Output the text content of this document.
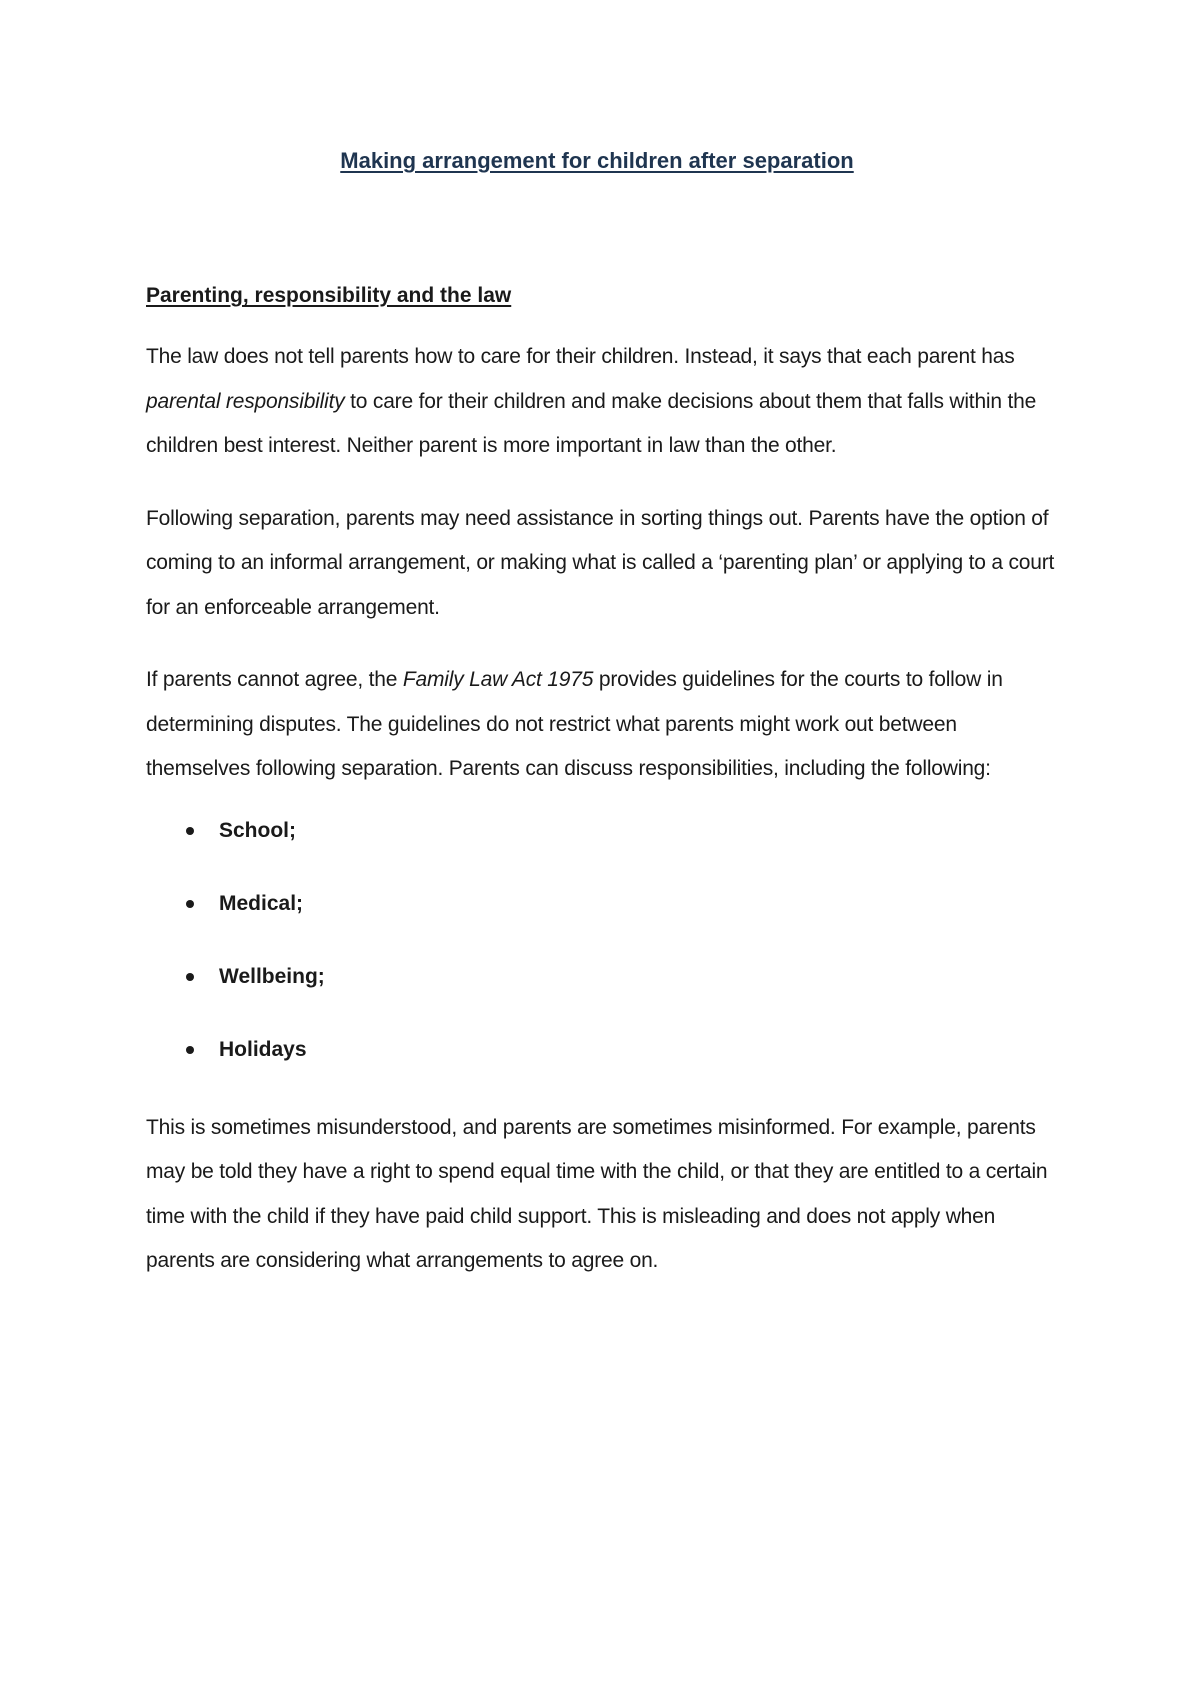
Making arrangement for children after separation
Parenting, responsibility and the law

The law does not tell parents how to care for their children. Instead, it says that each parent has parental responsibility to care for their children and make decisions about them that falls within the children best interest. Neither parent is more important in law than the other.

Following separation, parents may need assistance in sorting things out. Parents have the option of coming to an informal arrangement, or making what is called a ‘parenting plan’ or applying to a court for an enforceable arrangement.

If parents cannot agree, the Family Law Act 1975 provides guidelines for the courts to follow in determining disputes. The guidelines do not restrict what parents might work out between themselves following separation. Parents can discuss responsibilities, including the following:

School;
Medical;
Wellbeing;
Holidays

This is sometimes misunderstood, and parents are sometimes misinformed. For example, parents may be told they have a right to spend equal time with the child, or that they are entitled to a certain time with the child if they have paid child support. This is misleading and does not apply when parents are considering what arrangements to agree on.
